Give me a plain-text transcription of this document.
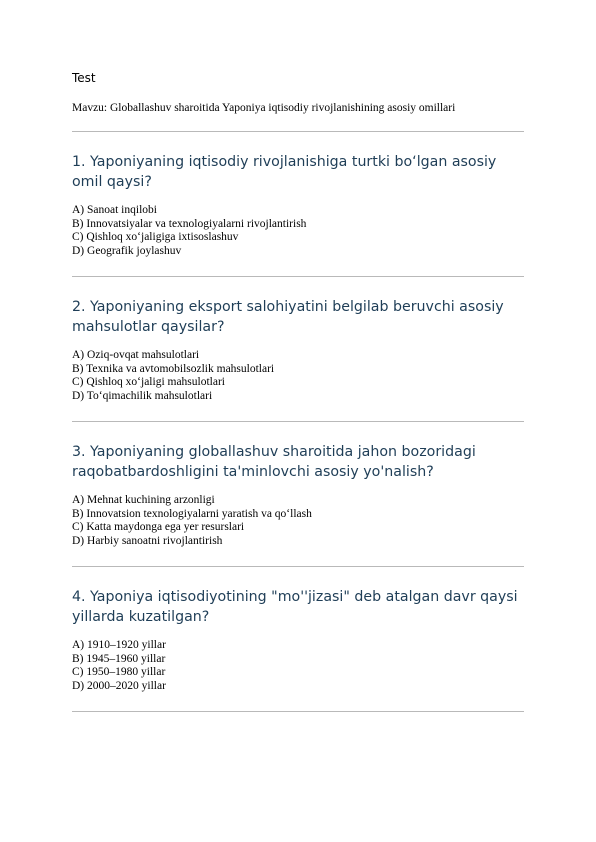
Test
Mavzu: Globallashuv sharoitida Yaponiya iqtisodiy rivojlanishining asosiy omillari
1. Yaponiyaning iqtisodiy rivojlanishiga turtki bo‘lgan asosiy omil qaysi?
A) Sanoat inqilobi
B) Innovatsiyalar va texnologiyalarni rivojlantirish
C) Qishloq xo‘jaligiga ixtisoslashuv
D) Geografik joylashuv
2. Yaponiyaning eksport salohiyatini belgilab beruvchi asosiy mahsulotlar qaysilar?
A) Oziq-ovqat mahsulotlari
B) Texnika va avtomobilsozlik mahsulotlari
C) Qishloq xo‘jaligi mahsulotlari
D) To‘qimachilik mahsulotlari
3. Yaponiyaning globallashuv sharoitida jahon bozoridagi raqobatbardoshligini ta'minlovchi asosiy yo'nalish?
A) Mehnat kuchining arzonligi
B) Innovatsion texnologiyalarni yaratish va qo‘llash
C) Katta maydonga ega yer resurslari
D) Harbiy sanoatni rivojlantirish
4. Yaponiya iqtisodiyotining "mo''jizasi" deb atalgan davr qaysi yillarda kuzatilgan?
A) 1910–1920 yillar
B) 1945–1960 yillar
C) 1950–1980 yillar
D) 2000–2020 yillar
